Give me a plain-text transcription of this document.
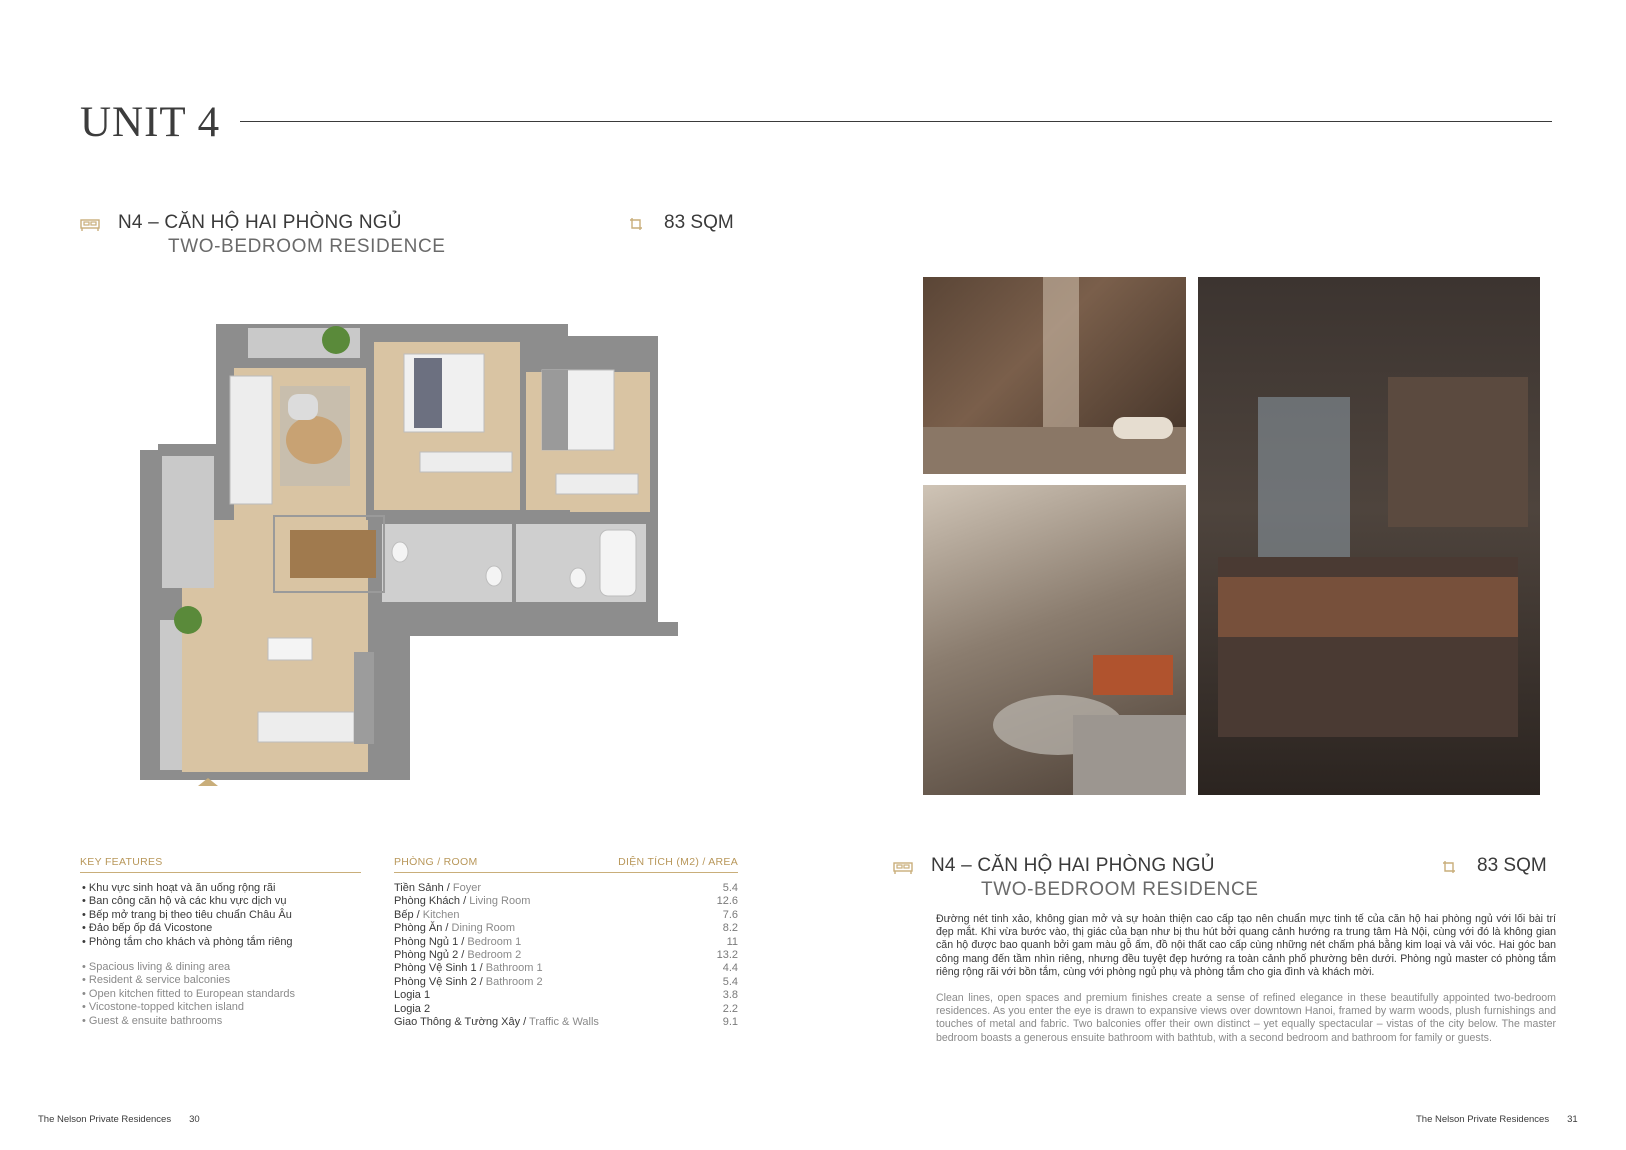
UNIT 4
N4 – CĂN HỘ HAI PHÒNG NGỦ
TWO-BEDROOM RESIDENCE
83 SQM
KEY FEATURES
• Khu vực sinh hoạt và ăn uống rộng rãi
• Ban công căn hộ và các khu vực dịch vụ
• Bếp mở trang bị theo tiêu chuẩn Châu Âu
• Đảo bếp ốp đá Vicostone
• Phòng tắm cho khách và phòng tắm riêng
• Spacious living & dining area
• Resident & service balconies
• Open kitchen fitted to European standards
• Vicostone-topped kitchen island
• Guest & ensuite bathrooms
PHÒNG / ROOM	DIỆN TÍCH (M2) / AREA
Tiền Sảnh / Foyer	5.4
Phòng Khách / Living Room	12.6
Bếp / Kitchen	7.6
Phòng Ăn / Dining Room	8.2
Phòng Ngủ 1 / Bedroom 1	11
Phòng Ngủ 2 / Bedroom 2	13.2
Phòng Vệ Sinh 1 / Bathroom 1	4.4
Phòng Vệ Sinh 2 / Bathroom 2	5.4
Logia 1	3.8
Logia 2	2.2
Giao Thông & Tường Xây / Traffic & Walls	9.1
N4 – CĂN HỘ HAI PHÒNG NGỦ
TWO-BEDROOM RESIDENCE
83 SQM

Đường nét tinh xảo, không gian mở và sự hoàn thiện cao cấp tạo nên chuẩn mực tinh tế của căn hộ hai phòng ngủ với lối bài trí đẹp mắt. Khi vừa bước vào, thị giác của bạn như bị thu hút bởi quang cảnh hướng ra trung tâm Hà Nội, cùng với đó là không gian căn hộ được bao quanh bởi gam màu gỗ ấm, đồ nội thất cao cấp cùng những nét chấm phá bằng kim loại và vải vóc. Hai góc ban công mang đến tầm nhìn riêng, nhưng đều tuyệt đẹp hướng ra toàn cảnh phố phường bên dưới. Phòng ngủ master có phòng tắm riêng rộng rãi với bồn tắm, cùng với phòng ngủ phụ và phòng tắm cho gia đình và khách mời.

Clean lines, open spaces and premium finishes create a sense of refined elegance in these beautifully appointed two-bedroom residences. As you enter the eye is drawn to expansive views over downtown Hanoi, framed by warm woods, plush furnishings and touches of metal and fabric. Two balconies offer their own distinct – yet equally spectacular – vistas of the city below. The master bedroom boasts a generous ensuite bathroom with bathtub, with a second bedroom and bathroom for family or guests.

The Nelson Private Residences 30	The Nelson Private Residences 31
